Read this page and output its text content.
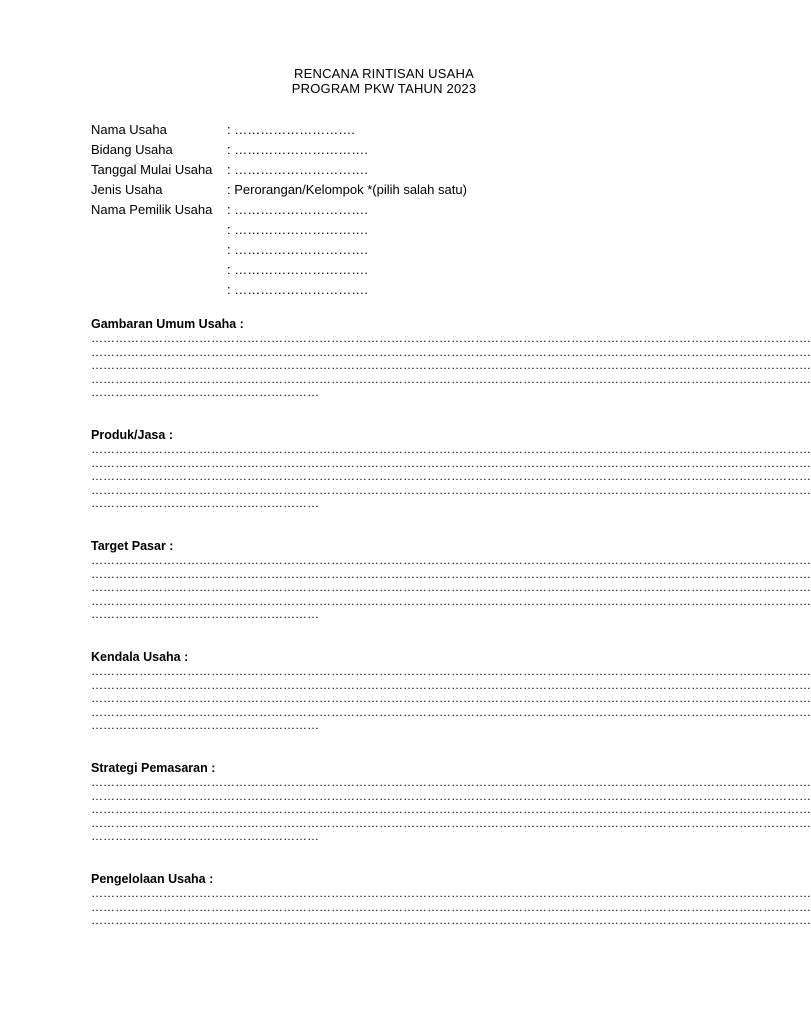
RENCANA RINTISAN USAHA
PROGRAM PKW TAHUN 2023
Nama Usaha	: ……………………….
Bidang Usaha	: ………………………….
Tanggal Mulai Usaha	: ………………………….
Jenis Usaha	: Perorangan/Kelompok *(pilih salah satu)
Nama Pemilik Usaha	: ………………………….
: ………………………….
: ………………………….
: ………………………….
: ………………………….
Gambaran Umum Usaha :
………………………………………………………………………………………………………………………………………………………………
………………………………………………………………………………………………………………………………………………………………
………………………………………………………………………………………………………………………………………………………………
………………………………………………………………………………………………………………………………………………………………
…………………………………………………
Produk/Jasa :
………………………………………………………………………………………………………………………………………………………………
………………………………………………………………………………………………………………………………………………………………
………………………………………………………………………………………………………………………………………………………………
………………………………………………………………………………………………………………………………………………………………
…………………………………………………
Target Pasar :
………………………………………………………………………………………………………………………………………………………………
………………………………………………………………………………………………………………………………………………………………
………………………………………………………………………………………………………………………………………………………………
………………………………………………………………………………………………………………………………………………………………
…………………………………………………
Kendala Usaha :
………………………………………………………………………………………………………………………………………………………………
………………………………………………………………………………………………………………………………………………………………
………………………………………………………………………………………………………………………………………………………………
………………………………………………………………………………………………………………………………………………………………
…………………………………………………
Strategi Pemasaran :
………………………………………………………………………………………………………………………………………………………………
………………………………………………………………………………………………………………………………………………………………
………………………………………………………………………………………………………………………………………………………………
………………………………………………………………………………………………………………………………………………………………
…………………………………………………
Pengelolaan Usaha :
………………………………………………………………………………………………………………………………………………………………
………………………………………………………………………………………………………………………………………………………………
………………………………………………………………………………………………………………………………………………………………
